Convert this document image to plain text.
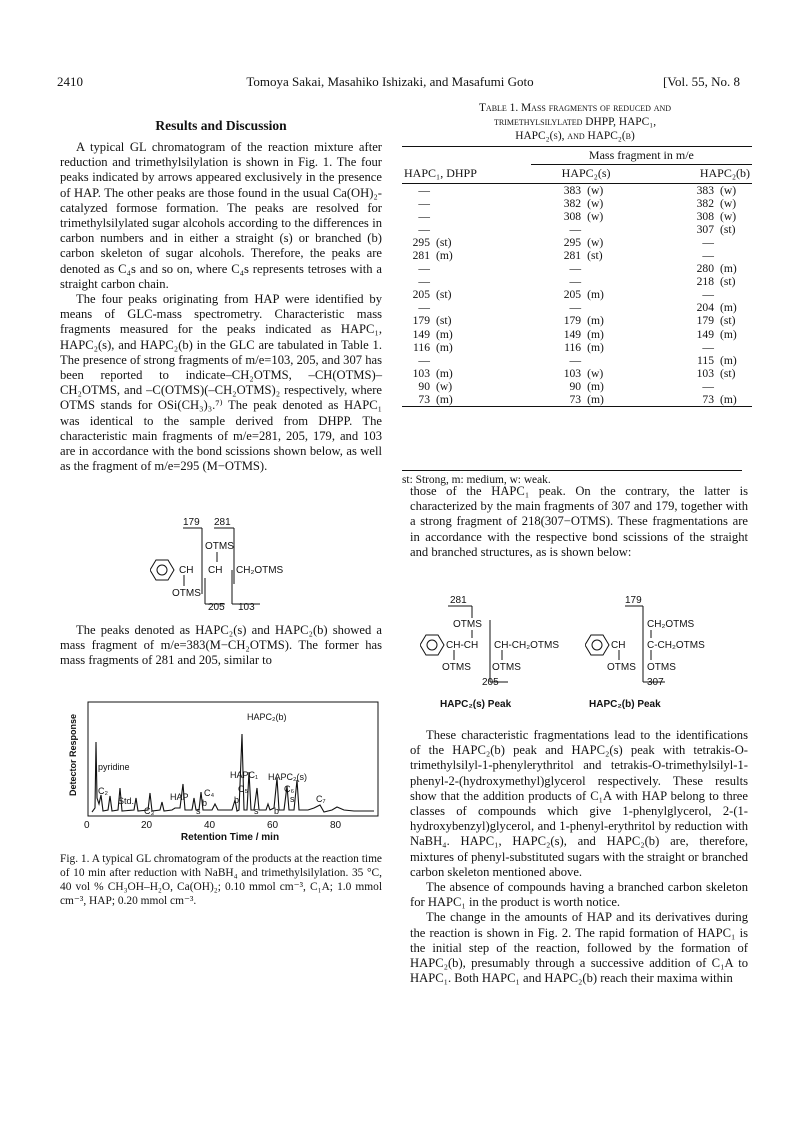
2410	Tomoya Sakai, Masahiko Ishizaki, and Masafumi Goto	[Vol. 55, No. 8
Results and Discussion

A typical GL chromatogram of the reaction mixture after reduction and trimethylsilylation is shown in Fig. 1. The four peaks indicated by arrows appeared exclusively in the presence of HAP. The other peaks are those found in the usual Ca(OH)₂-catalyzed formose formation. The peaks are resolved for trimethylsilylated sugar alcohols according to the differences in carbon numbers and in either a straight (s) or branched (b) carbon skeleton of sugar alcohols. Therefore, the peaks are denoted as C₄s and so on, where C₄s represents tetroses with a straight carbon chain.

The four peaks originating from HAP were identified by means of GLC-mass spectrometry. Characteristic mass fragments measured for the peaks indicated as HAPC₁, HAPC₂(s), and HAPC₂(b) in the GLC are tabulated in Table 1. The presence of strong fragments of m/e=103, 205, and 307 has been reported to indicate–CH₂OTMS, –CH(OTMS)–CH₂OTMS, and –C(OTMS)(–CH₂OTMS)₂ respectively, where OTMS stands for OSi(CH₃)₃.⁷⁾ The peak denoted as HAPC₁ was identical to the sample derived from DHPP. The characteristic main fragments of m/e=281, 205, 179, and 103 are in accordance with the bond scissions shown below, as well as the fragment of m/e=295 (M−OTMS).

179 281
OTMS
CH CH CH₂OTMS
OTMS
205 103

The peaks denoted as HAPC₂(s) and HAPC₂(b) showed a mass fragment of m/e=383(M−CH₂OTMS). The former has mass fragments of 281 and 205, similar to

HAPC₂(b)
pyridine
C₂
Std.	HAP
HAPC₁ HAPC₂(s)
C₃
C₄
b
s
C₅
b
s
C₆
s
b
C₇
Detector Response
0	20	40	60	80
Retention Time / min
Fig. 1. A typical GL chromatogram of the products at the reaction time of 10 min after reduction with NaBH₄ and trimethylsilylation. 35 °C, 40 vol % CH₃OH–H₂O, Ca(OH)₂; 0.10 mmol cm⁻³, C₁A; 1.0 mmol cm⁻³, HAP; 0.20 mmol cm⁻³.
Table 1. Mass fragments of reduced and
trimethylsilylated DHPP, HAPC₁,
HAPC₂(s), and HAPC₂(b)
	Mass fragment in m/e	
HAPC₁, DHPP	HAPC₂(s)	HAPC₂(b)
—	383 (w)	383 (w)
—	382 (w)	382 (w)
—	308 (w)	308 (w)
—	—	307 (st)
295 (st)	295 (w)	—
281 (m)	281 (st)	—
—	—	280 (m)
—	—	218 (st)
205 (st)	205 (m)	—
—	—	204 (m)
179 (st)	179 (m)	179 (st)
149 (m)	149 (m)	149 (m)
116 (m)	116 (m)	—
—	—	115 (m)
103 (m)	103 (w)	103 (st)
90 (w)	90 (m)	—
73 (m)	73 (m)	73 (m)
st: Strong, m: medium, w: weak.

those of the HAPC₁ peak. On the contrary, the latter is characterized by the main fragments of 307 and 179, together with a strong fragment of 218(307−OTMS). These fragmentations are in accordance with the respective bond scissions of the straight and branched structures, as is shown below:

281
OTMS
CH-CH CH-CH₂OTMS
OTMS OTMS
205
HAPC₂(s) Peak
179
CH₂OTMS
CH C-CH₂OTMS
OTMS OTMS
307
HAPC₂(b) Peak

These characteristic fragmentations lead to the identifications of the HAPC₂(b) peak and HAPC₂(s) peak with tetrakis-O-trimethylsilyl-1-phenylerythritol and tetrakis-O-trimethylsilyl-1-phenyl-2-(hydroxymethyl)glycerol respectively. These results show that the addition products of C₁A with HAP belong to three classes of compounds which give 1-phenylglycerol, 2-(1-hydroxybenzyl)glycerol, and 1-phenyl-erythritol by reduction with NaBH₄. HAPC₁, HAPC₂(s), and HAPC₂(b) are, therefore, mixtures of phenyl-substituted sugars with the straight or branched carbon skeleton mentioned above.

The absence of compounds having a branched carbon skeleton for HAPC₁ in the product is worth notice.

The change in the amounts of HAP and its derivatives during the reaction is shown in Fig. 2. The rapid formation of HAPC₁ is the initial step of the reaction, followed by the formation of HAPC₂(b), presumably through a successive addition of C₁A to HAPC₁. Both HAPC₁ and HAPC₂(b) reach their maxima within
